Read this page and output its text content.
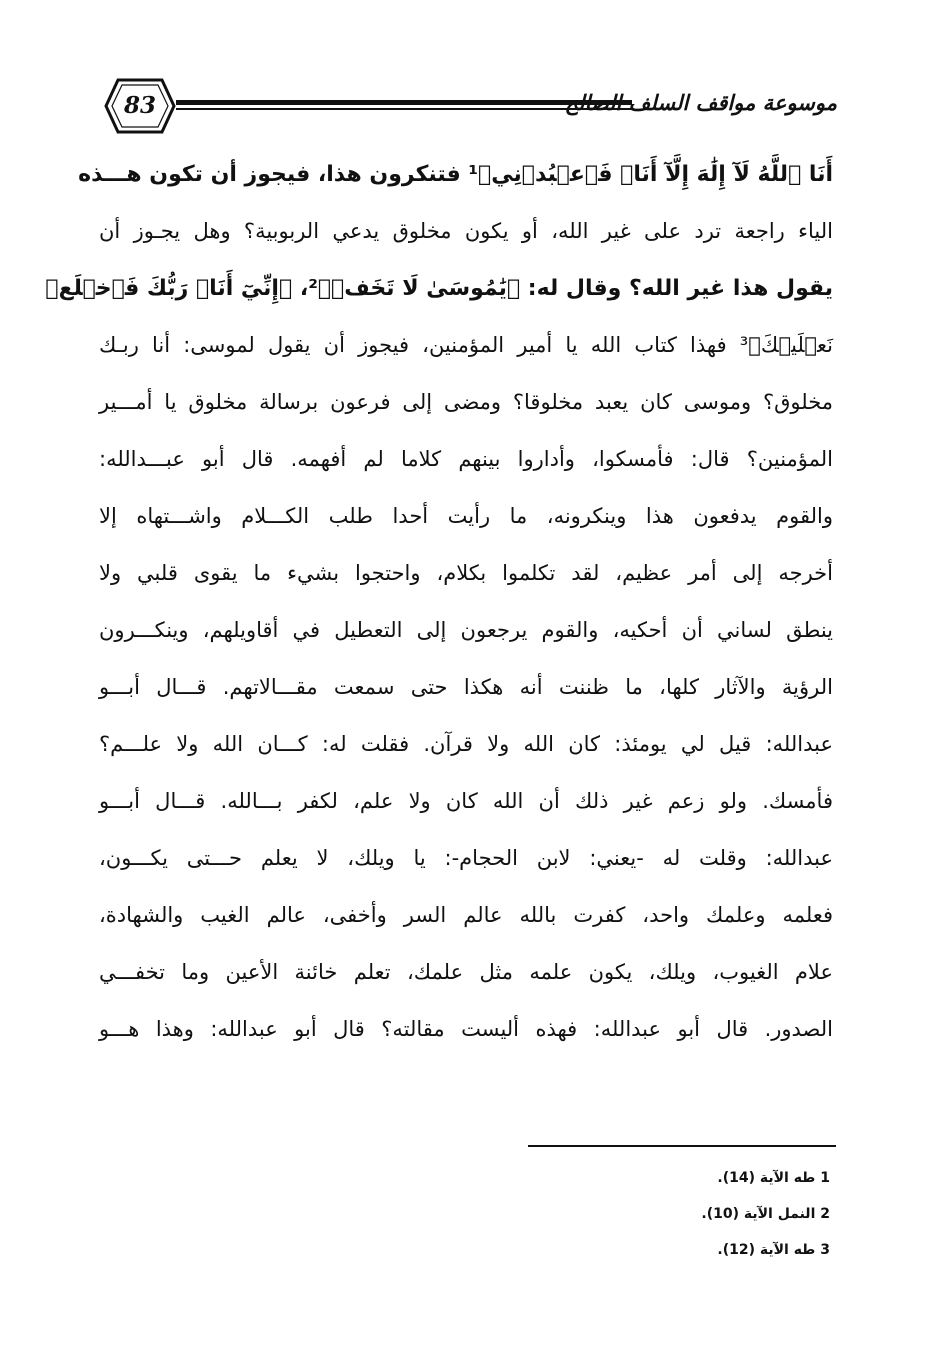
83	موسوعة مواقف السلف الصالح
أَنَا ٱللَّهُ لَآ إِلَٰهَ إِلَّآ أَنَا۠ فَٱعۡبُدۡنِي﴾¹ فتنكرون هذا، فيجوز أن تكون هـــذه
الياء راجعة ترد على غير الله، أو يكون مخلوق يدعي الربوبية؟ وهل يجـوز أن
يقول هذا غير الله؟ وقال له: ﴿يَٰمُوسَىٰ لَا تَخَفۡ﴾²، ﴿إِنِّيٓ أَنَا۠ رَبُّكَ فَٱخۡلَعۡ
نَعۡلَيۡكَ﴾³ فهذا كتاب الله يا أمير المؤمنين، فيجوز أن يقول لموسى: أنا ربـك
مخلوق؟ وموسى كان يعبد مخلوقا؟ ومضى إلى فرعون برسالة مخلوق يا أمـــير
المؤمنين؟ قال: فأمسكوا، وأداروا بينهم كلاما لم أفهمه. قال أبو عبـــدالله:
والقوم يدفعون هذا وينكرونه، ما رأيت أحدا طلب الكـــلام واشـــتهاه إلا
أخرجه إلى أمر عظيم، لقد تكلموا بكلام، واحتجوا بشيء ما يقوى قلبي ولا
ينطق لساني أن أحكيه، والقوم يرجعون إلى التعطيل في أقاويلهم، وينكـــرون
الرؤية والآثار كلها، ما ظننت أنه هكذا حتى سمعت مقـــالاتهم. قـــال أبـــو
عبدالله: قيل لي يومئذ: كان الله ولا قرآن. فقلت له: كـــان الله ولا علـــم؟
فأمسك. ولو زعم غير ذلك أن الله كان ولا علم، لكفر بـــالله. قـــال أبـــو
عبدالله: وقلت له -يعني: لابن الحجام-: يا ويلك، لا يعلم حـــتى يكـــون،
فعلمه وعلمك واحد، كفرت بالله عالم السر وأخفى، عالم الغيب والشهادة،
علام الغيوب، ويلك، يكون علمه مثل علمك، تعلم خائنة الأعين وما تخفـــي
الصدور. قال أبو عبدالله: فهذه أليست مقالته؟ قال أبو عبدالله: وهذا هـــو
1 طه الآية (14).
2 النمل الآية (10).
3 طه الآية (12).
